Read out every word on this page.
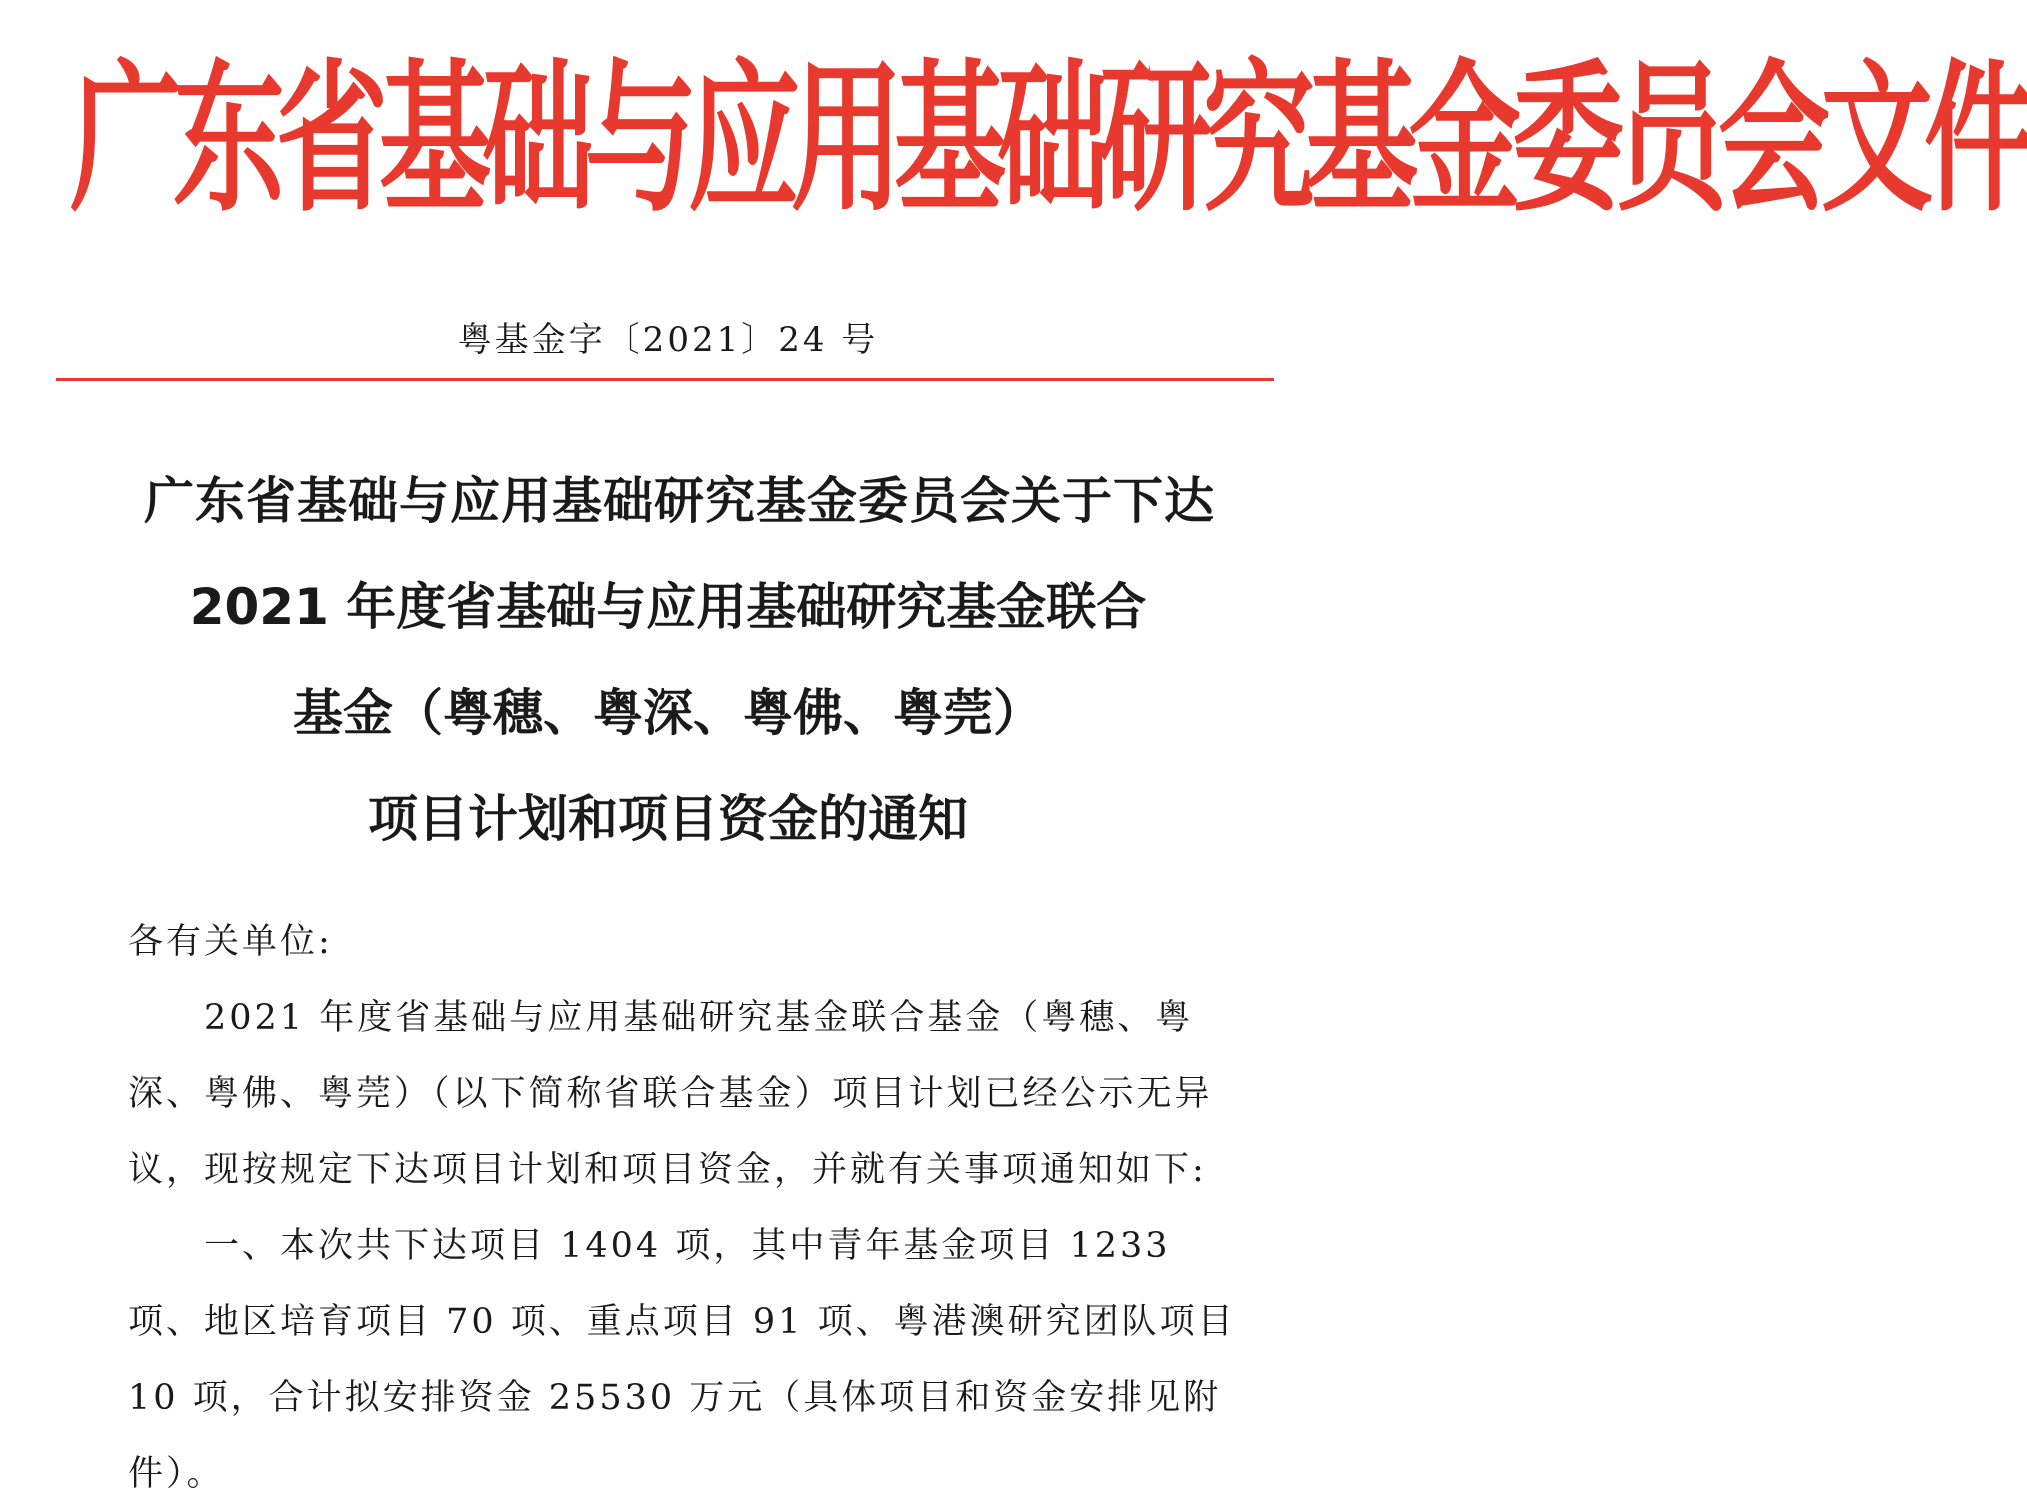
广东省基础与应用基础研究基金委员会文件
粤基金字〔2021〕24 号
广东省基础与应用基础研究基金委员会关于下达
2021 年度省基础与应用基础研究基金联合
基金（粤穗、粤深、粤佛、粤莞）
项目计划和项目资金的通知

各有关单位:

2021 年度省基础与应用基础研究基金联合基金（粤穗、粤深、粤佛、粤莞）（以下简称省联合基金）项目计划已经公示无异议，现按规定下达项目计划和项目资金，并就有关事项通知如下:

一、本次共下达项目 1404 项，其中青年基金项目 1233 项、地区培育项目 70 项、重点项目 91 项、粤港澳研究团队项目 10 项，合计拟安排资金 25530 万元（具体项目和资金安排见附件）。
